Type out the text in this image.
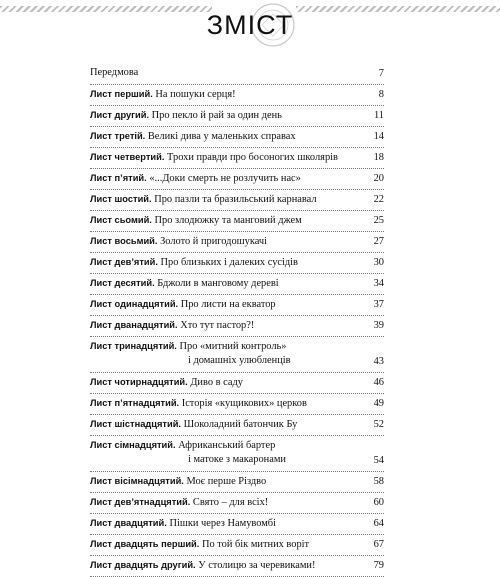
ЗМІСТ
Передмова	7
Лист перший. На пошуки серця!	8
Лист другий. Про пекло й рай за один день	11
Лист третій. Великі дива у маленьких справах	14
Лист четвертий. Трохи правди про босоногих школярів	18
Лист п’ятий. «...Доки смерть не розлучить нас»	20
Лист шостий. Про пазли та бразильський карнавал	22
Лист сьомий. Про злодюжку та манговий джем	25
Лист восьмий. Золото й пригодошукачі	27
Лист дев’ятий. Про близьких і далеких сусідів	30
Лист десятий. Бджоли в манговому дереві	34
Лист одинадцятий. Про листи на екватор	37
Лист дванадцятий. Хто тут пастор?!	39
Лист тринадцятий. Про «митний контроль»
і домашніх улюбленців	43
Лист чотирнадцятий. Диво в саду	46
Лист п’ятнадцятий. Історія «кущикових» церков	49
Лист шістнадцятий. Шоколадний батончик Бу	52
Лист сімнадцятий. Африканський бартер
і матоке з макаронами	54
Лист вісімнадцятий. Моє перше Різдво	58
Лист дев’ятнадцятий. Свято – для всіх!	60
Лист двадцятий. Пішки через Намувомбі	64
Лист двадцять перший. По той бік митних воріт	67
Лист двадцять другий. У столицю за черевиками!	79
